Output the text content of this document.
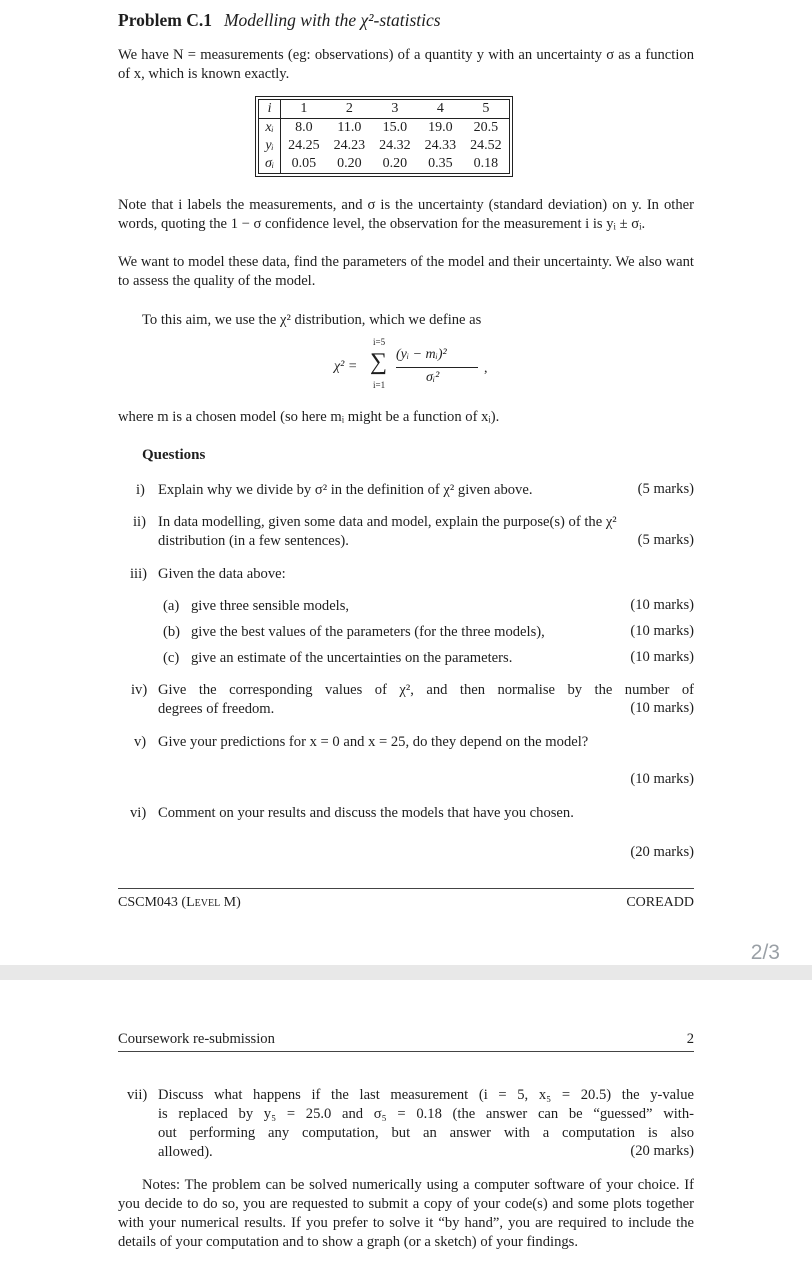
Problem C.1 Modelling with the χ²-statistics
We have N = measurements (eg: observations) of a quantity y with an uncertainty σ as a function of x, which is known exactly.
i	1	2	3	4	5
xᵢ	8.0	11.0	15.0	19.0	20.5
yᵢ	24.25	24.23	24.32	24.33	24.52
σᵢ	0.05	0.20	0.20	0.35	0.18
Note that i labels the measurements, and σ is the uncertainty (standard deviation) on y. In other words, quoting the 1 − σ confidence level, the observation for the measurement i is yᵢ ± σᵢ.
We want to model these data, find the parameters of the model and their uncertainty. We also want to assess the quality of the model.
To this aim, we use the χ² distribution, which we define as
χ² =
i=5
∑
i=1
(yᵢ − mᵢ)²
σᵢ²
,
where m is a chosen model (so here mᵢ might be a function of xᵢ).
Questions
i) Explain why we divide by σ² in the definition of χ² given above.	(5 marks)
ii) In data modelling, given some data and model, explain the purpose(s) of the χ²
distribution (in a few sentences).	(5 marks)
iii) Given the data above:
(a) give three sensible models,	(10 marks)
(b) give the best values of the parameters (for the three models),	(10 marks)
(c) give an estimate of the uncertainties on the parameters.	(10 marks)
iv) Give the corresponding values of χ², and then normalise by the number of
degrees of freedom.	(10 marks)
v) Give your predictions for x = 0 and x = 25, do they depend on the model?
(10 marks)
vi) Comment on your results and discuss the models that have you chosen.
(20 marks)
CSCM043 (Level M)	COREADD
2/3
Coursework re-submission	2
vii) Discuss what happens if the last measurement (i = 5, x₅ = 20.5) the y-value
is replaced by y₅ = 25.0 and σ₅ = 0.18 (the answer can be “guessed” with-
out performing any computation, but an answer with a computation is also
allowed).	(20 marks)
Notes: The problem can be solved numerically using a computer software of your choice. If you decide to do so, you are requested to submit a copy of your code(s) and some plots together with your numerical results. If you prefer to solve it “by hand”, you are required to include the details of your computation and to show a graph (or a sketch) of your findings.
